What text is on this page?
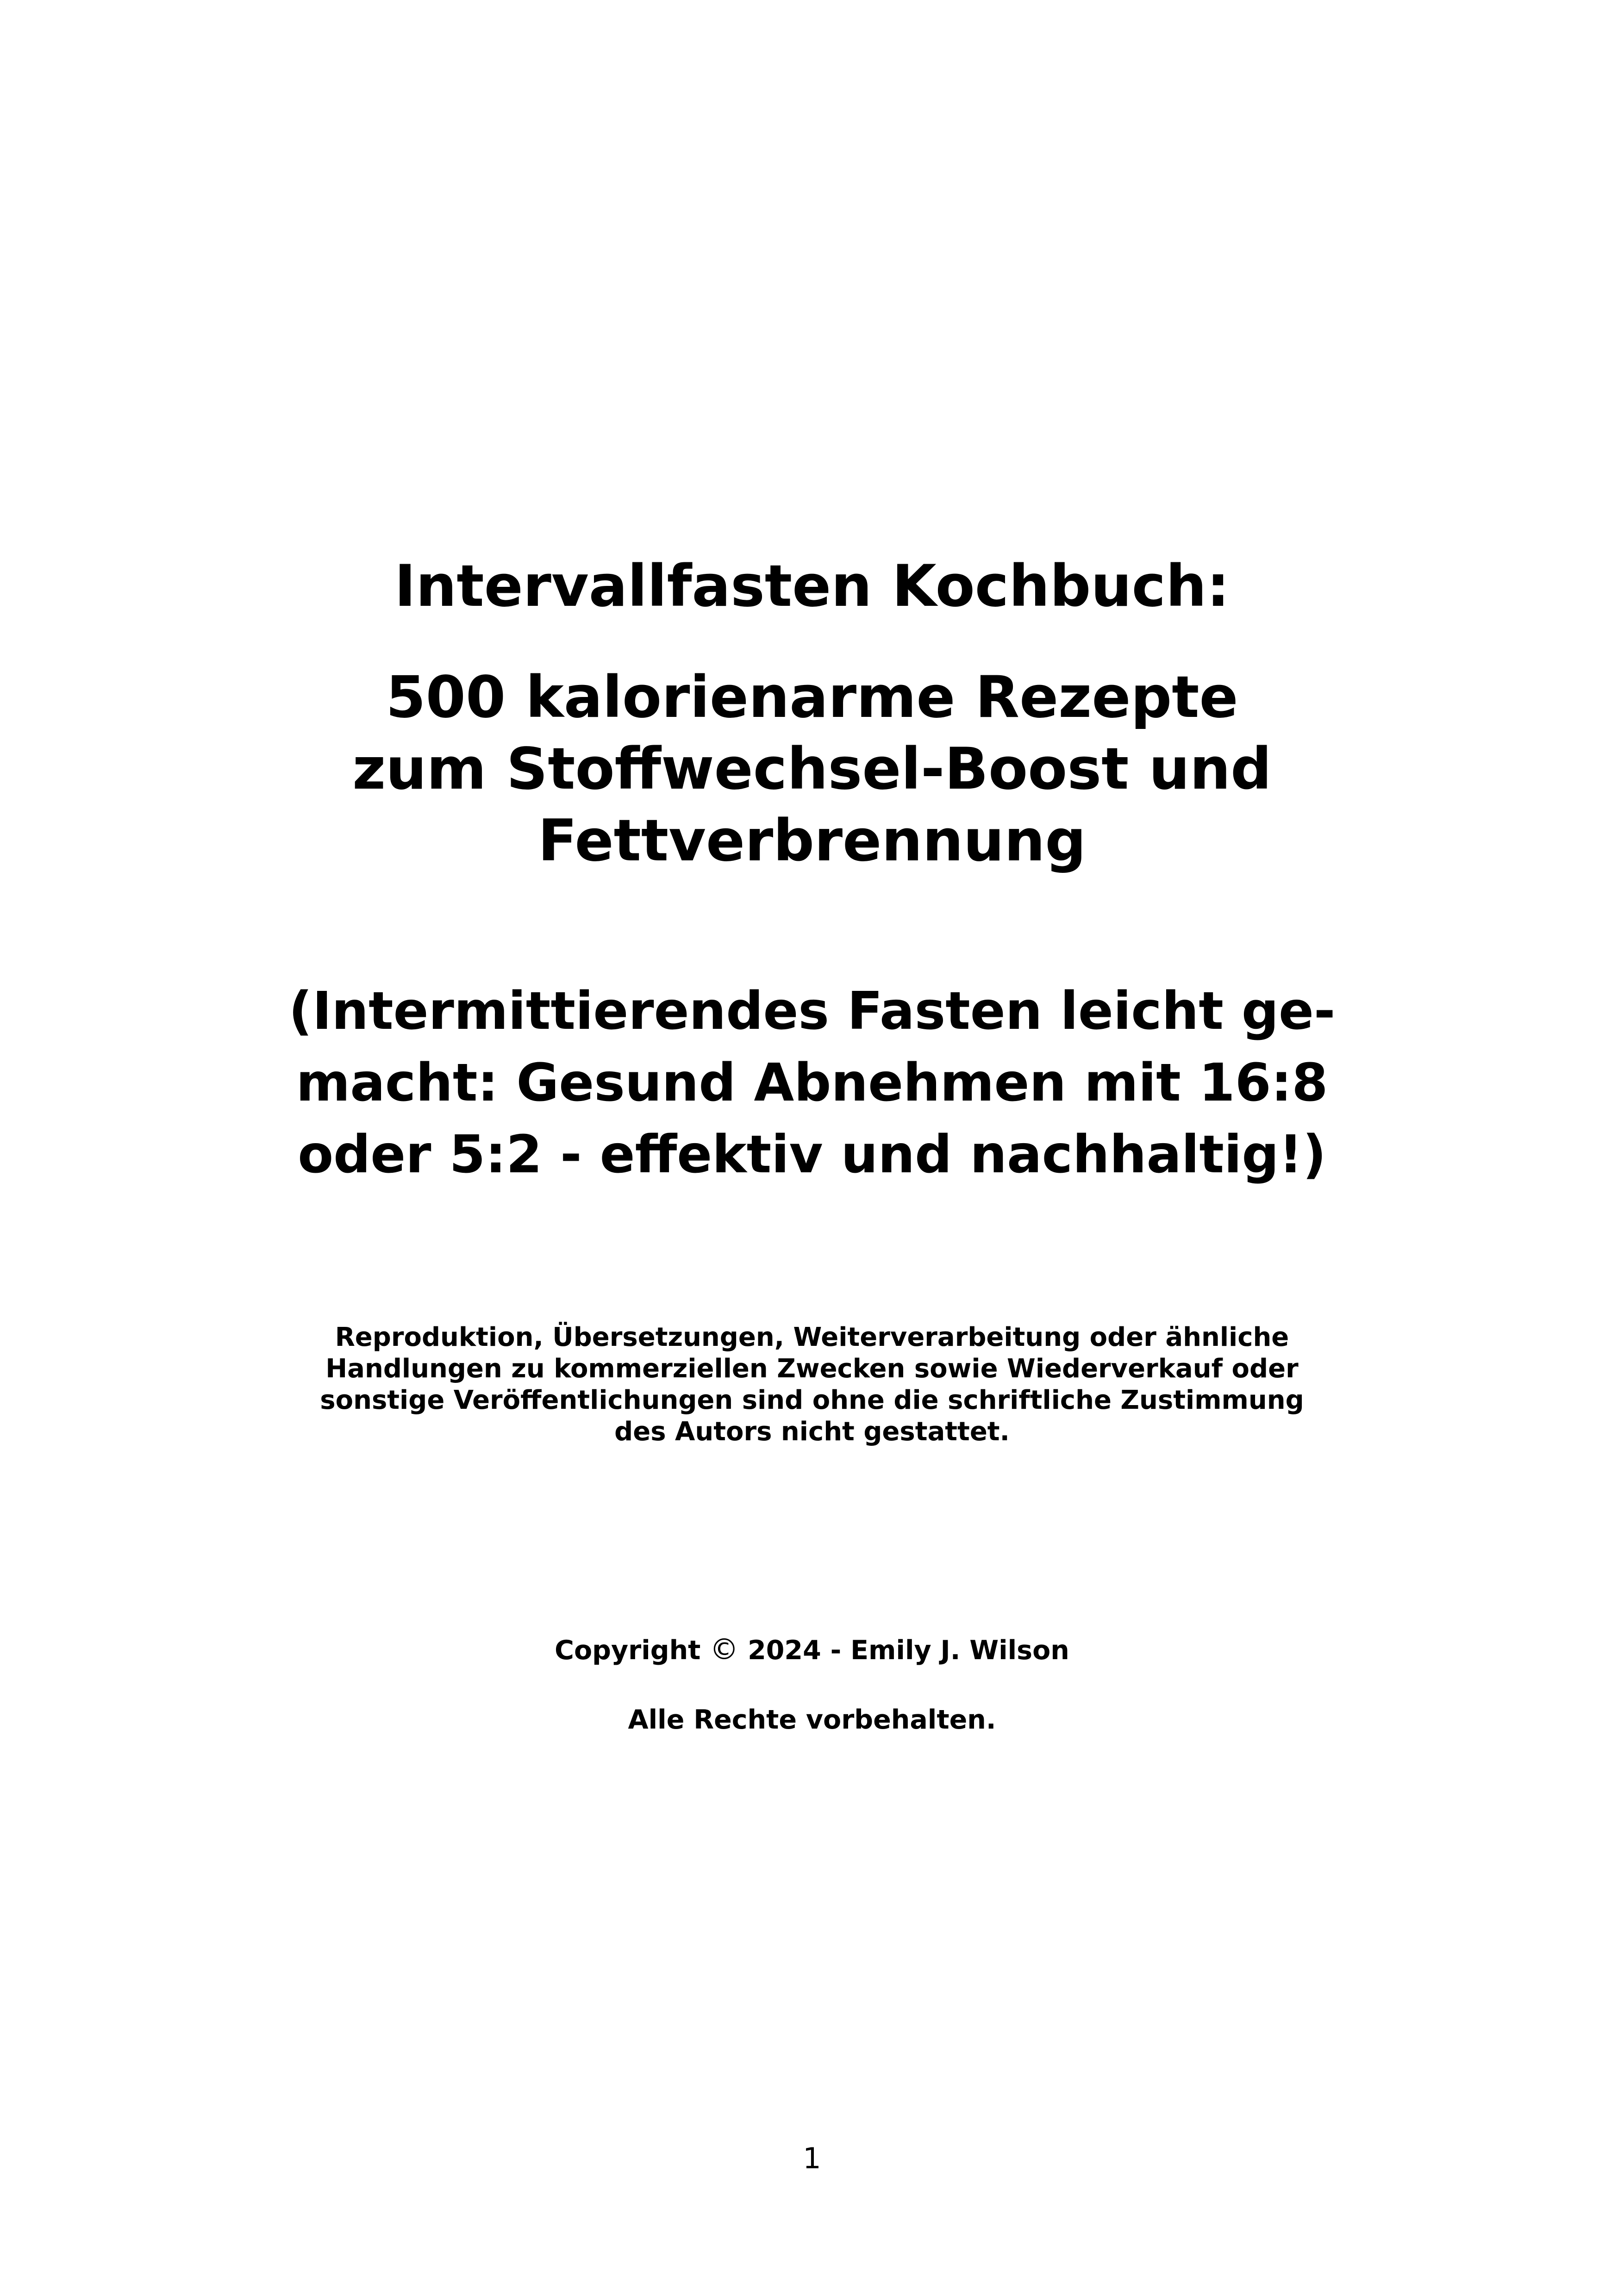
Intervallfasten Kochbuch:
500 kalorienarme Rezepte
zum Stoffwechsel-Boost und
Fettverbrennung
(Intermittierendes Fasten leicht ge-
macht: Gesund Abnehmen mit 16:8
oder 5:2 - effektiv und nachhaltig!)
Reproduktion, Übersetzungen, Weiterverarbeitung oder ähnliche
Handlungen zu kommerziellen Zwecken sowie Wiederverkauf oder
sonstige Veröffentlichungen sind ohne die schriftliche Zustimmung
des Autors nicht gestattet.
Copyright © 2024 - Emily J. Wilson
Alle Rechte vorbehalten.
1
